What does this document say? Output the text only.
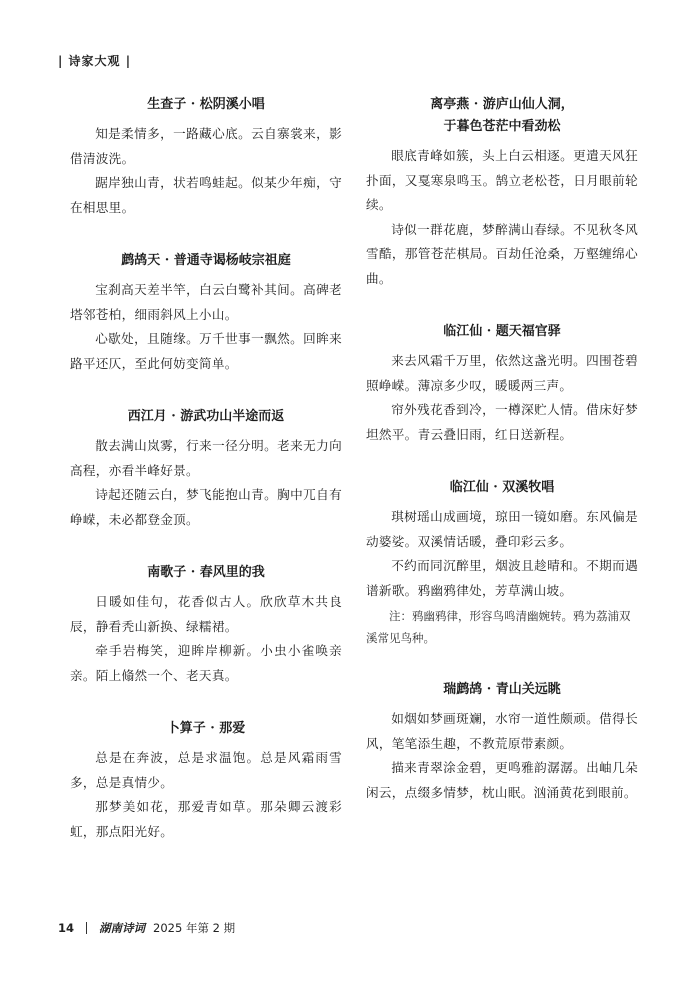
| 诗家大观 |
生查子 · 松阴溪小唱

知是柔情多，一路藏心底。云自寨裳来，影借清波洗。

踞岸独山青，状若鸣蛙起。似某少年痴，守在相思里。

鹧鸪天 · 普通寺谒杨岐宗祖庭

宝刹高天差半竿，白云白鹭补其间。高碑老塔邻苍柏，细雨斜风上小山。

心歇处，且随缘。万千世事一飘然。回眸来路平还仄，至此何妨变简单。

西江月 · 游武功山半途而返

散去满山岚雾，行来一径分明。老来无力向高程，亦看半峰好景。

诗起还随云白，梦飞能抱山青。胸中兀自有峥嵘，未必都登金顶。

南歌子 · 春风里的我

日暖如佳句，花香似古人。欣欣草木共良辰，静看秃山新换、绿糯裙。

牵手岩梅笑，迎眸岸柳新。小虫小雀唤亲亲。陌上翛然一个、老天真。

卜算子 · 那爱

总是在奔波，总是求温饱。总是风霜雨雪多，总是真情少。

那梦美如花，那爱青如草。那朵卿云渡彩虹，那点阳光好。

离亭燕 · 游庐山仙人洞，
于暮色苍茫中看劲松

眼底青峰如簇，头上白云相逐。更遣天风狂扑面，又戛寒泉鸣玉。鹄立老松苍，日月眼前轮续。

诗似一群花鹿，梦醉满山春绿。不见秋冬风雪酷，那管苍茫棋局。百劫任沧桑，万壑缠绵心曲。

临江仙 · 题天福官驿

来去风霜千万里，依然这盏光明。四围苍碧照峥嵘。薄凉多少叹，暖暖两三声。

帘外残花香到冷，一樽深贮人情。借床好梦坦然平。青云叠旧雨，红日送新程。

临江仙 · 双溪牧唱

琪树瑶山成画境，琼田一镜如磨。东风偏是动婆娑。双溪情话暖，叠印彩云多。

不约而同沉醉里，烟波且趁晴和。不期而遇谱新歌。鸦幽鸦律处，芳草满山坡。

注：鸦幽鸦律，形容鸟鸣清幽婉转。鸦为荔浦双溪常见鸟种。

瑞鹧鸪 · 青山关远眺

如烟如梦画斑斓，水帘一道性颇顽。借得长风，笔笔添生趣，不教荒原带素颜。

描来青翠涂金碧，更鸣雅韵潺潺。出岫几朵闲云，点缀多情梦，枕山眠。汹涌黄花到眼前。

14 湖南诗词 2025 年第 2 期
